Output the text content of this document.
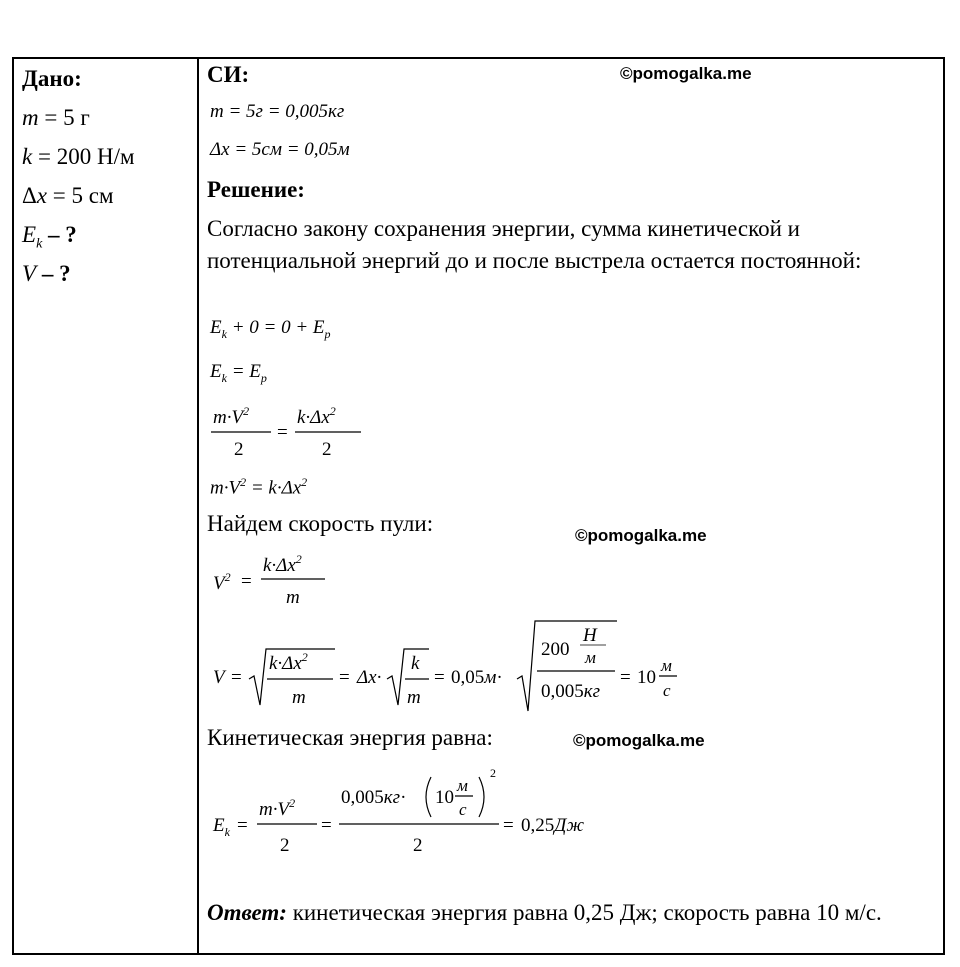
Дано:
m = 5 г
k = 200 Н/м
Δx = 5 см
$E_k$ – ?
V – ?
СИ:	©pomogalka.me
m = 5г = 0,005кг
Δx = 5см = 0,05м
Решение:
Согласно закону сохранения энергии, сумма кинетической и потенциальной энергий до и после выстрела остается постоянной:
$E_k + 0 = 0 + E_p$
$E_k = E_p$
$m\cdot V^2$
2
=
$k\cdot\Delta x^2$
2
$m\cdot V^2 = k\cdot\Delta x^2$
Найдем скорость пули:	©pomogalka.me
$V^2$ =
$k\cdot\Delta x^2$
m
V =
$k\cdot\Delta x^2$
m
= Δx·
k
m
= 0,05м·
200
Н
м
0,005кг
= 10
м
с
Кинетическая энергия равна:	©pomogalka.me
$E_k$ =
$m\cdot V^2$
2
=
0,005кг· 10
м
с
2
2
= 0,25Дж
Ответ: кинетическая энергия равна 0,25 Дж; скорость равна 10 м/с.
